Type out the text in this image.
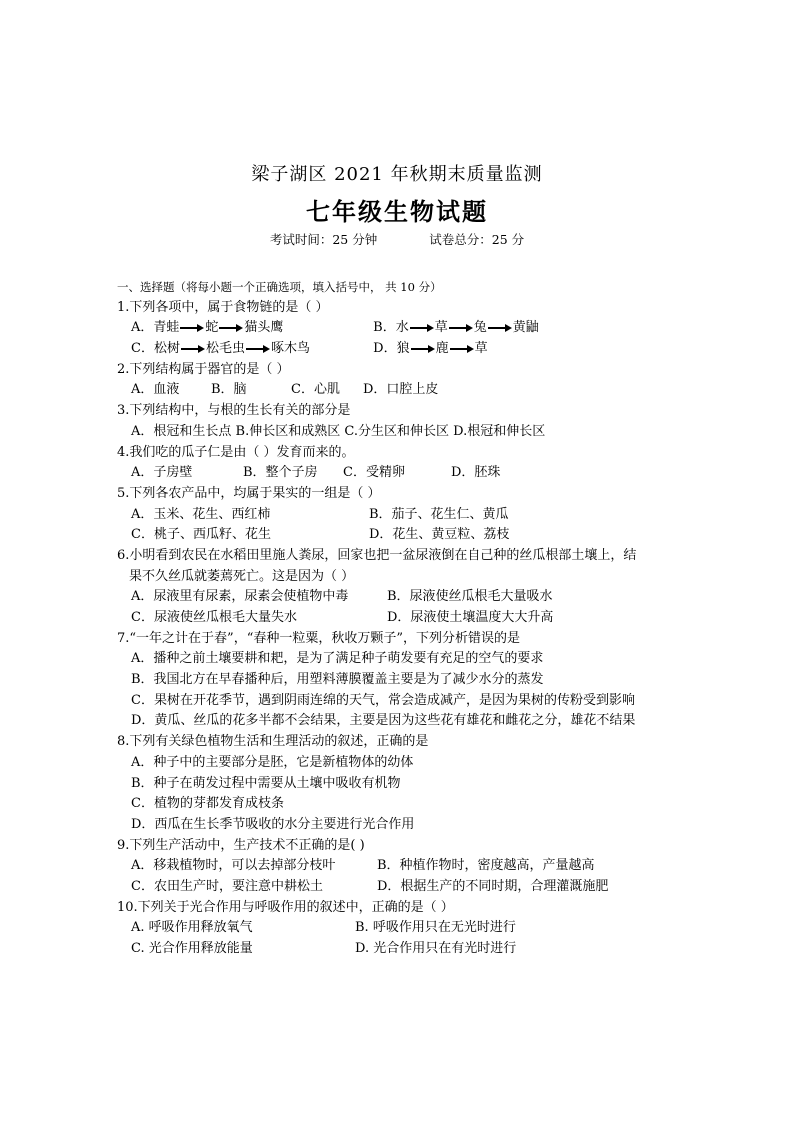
梁子湖区 2021 年秋期末质量监测
七年级生物试题
考试时间：25 分钟	试卷总分：25 分
一、选择题（将每小题一个正确选项，填入括号中， 共 10 分）
1.下列各项中，属于食物链的是（ ）
A．青蛙 蛇 猫头鹰	B．水 草 兔 黄鼬
C．松树 松毛虫 啄木鸟	D．狼 鹿 草
2.下列结构属于器官的是（ ）
A．血液 B．脑	C．心肌 D．口腔上皮
3.下列结构中，与根的生长有关的部分是
A．根冠和生长点 B.伸长区和成熟区 C.分生区和伸长区 D.根冠和伸长区
4.我们吃的瓜子仁是由（ ）发育而来的。
A．子房壁	B．整个子房 C．受精卵	D．胚珠
5.下列各农产品中，均属于果实的一组是（ ）
A．玉米、花生、西红柿	B．茄子、花生仁、黄瓜
C．桃子、西瓜籽、花生	D．花生、黄豆粒、荔枝
6.小明看到农民在水稻田里施人粪尿，回家也把一盆尿液倒在自己种的丝瓜根部土壤上，结
果不久丝瓜就萎蔫死亡。这是因为（ ）
A．尿液里有尿素，尿素会使植物中毒	B．尿液使丝瓜根毛大量吸水
C．尿液使丝瓜根毛大量失水	D．尿液使土壤温度大大升高
7.“一年之计在于春”，“春种一粒粟，秋收万颗子”，下列分析错误的是
A．播种之前土壤要耕和耙，是为了满足种子萌发要有充足的空气的要求
B．我国北方在早春播种后，用塑料薄膜覆盖主要是为了减少水分的蒸发
C．果树在开花季节，遇到阴雨连绵的天气，常会造成减产，是因为果树的传粉受到影响
D．黄瓜、丝瓜的花多半都不会结果，主要是因为这些花有雄花和雌花之分，雄花不结果
8.下列有关绿色植物生活和生理活动的叙述，正确的是
A．种子中的主要部分是胚，它是新植物体的幼体
B．种子在萌发过程中需要从土壤中吸收有机物
C．植物的芽都发育成枝条
D．西瓜在生长季节吸收的水分主要进行光合作用
9.下列生产活动中，生产技术不正确的是( )
A．移栽植物时，可以去掉部分枝叶	B．种植作物时，密度越高，产量越高
C．农田生产时，要注意中耕松土	D．根据生产的不同时期，合理灌溉施肥
10.下列关于光合作用与呼吸作用的叙述中，正确的是（ ）
A. 呼吸作用释放氧气	B. 呼吸作用只在无光时进行
C. 光合作用释放能量	D. 光合作用只在有光时进行
